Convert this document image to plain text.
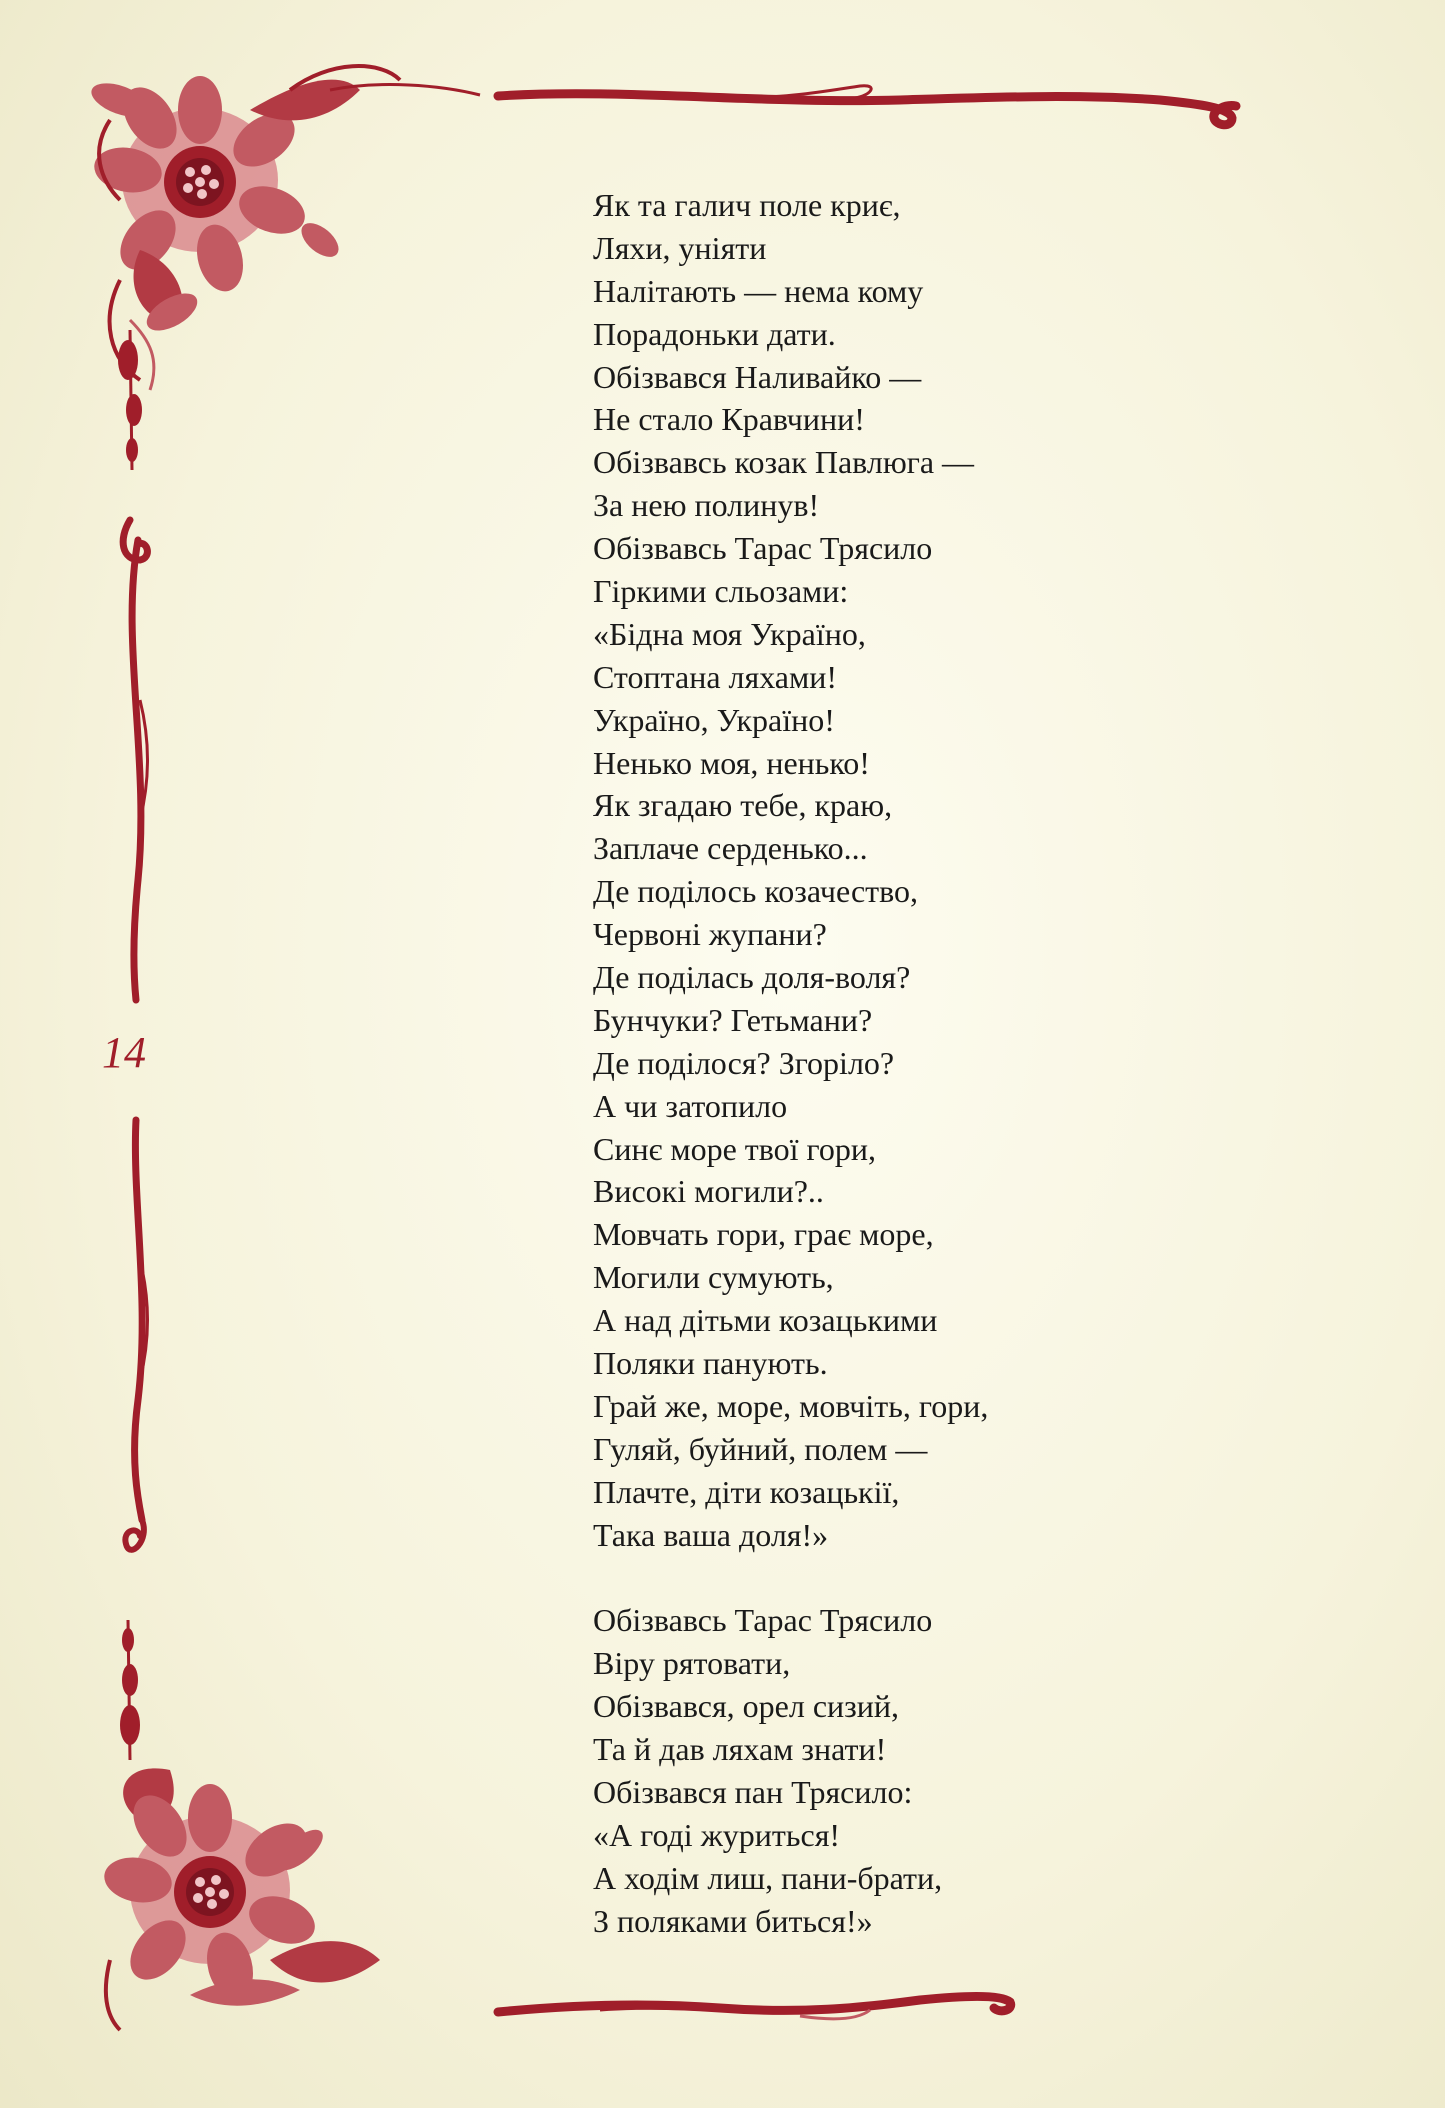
14
Як та галич поле криє,
Ляхи, уніяти
Налітають — нема кому
Порадоньки дати.
Обізвався Наливайко —
Не стало Кравчини!
Обізвавсь козак Павлюга —
За нею полинув!
Обізвавсь Тарас Трясило
Гіркими сльозами:
«Бідна моя Україно,
Стоптана ляхами!
Україно, Україно!
Ненько моя, ненько!
Як згадаю тебе, краю,
Заплаче серденько...
Де поділось козачество,
Червоні жупани?
Де поділась доля-воля?
Бунчуки? Гетьмани?
Де поділося? Згоріло?
А чи затопило
Синє море твої гори,
Високі могили?..
Мовчать гори, грає море,
Могили сумують,
А над дітьми козацькими
Поляки панують.
Грай же, море, мовчіть, гори,
Гуляй, буйний, полем —
Плачте, діти козацькії,
Така ваша доля!»
Обізвавсь Тарас Трясило
Віру рятовати,
Обізвався, орел сизий,
Та й дав ляхам знати!
Обізвався пан Трясило:
«А годі журиться!
А ходім лиш, пани-брати,
З поляками биться!»
